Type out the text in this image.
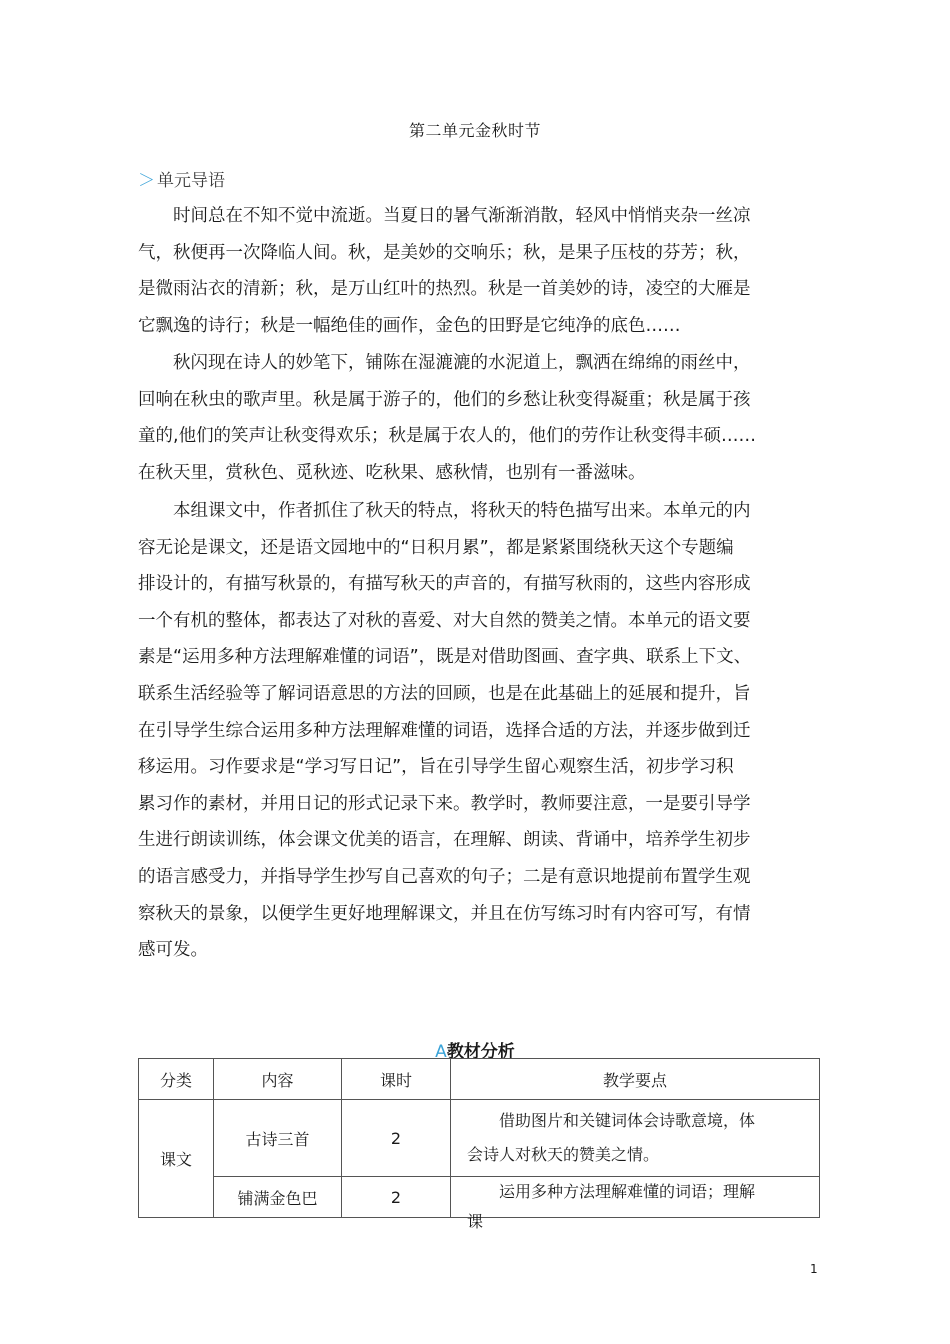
第二单元金秋时节
＞ 单元导语

时间总在不知不觉中流逝。当夏日的暑气渐渐消散，轻风中悄悄夹杂一丝凉
气，秋便再一次降临人间。秋，是美妙的交响乐；秋，是果子压枝的芬芳；秋，
是微雨沾衣的清新；秋，是万山红叶的热烈。秋是一首美妙的诗，凌空的大雁是
它飘逸的诗行；秋是一幅绝佳的画作，金色的田野是它纯净的底色……

秋闪现在诗人的妙笔下，铺陈在湿漉漉的水泥道上，飘洒在绵绵的雨丝中，
回响在秋虫的歌声里。秋是属于游子的，他们的乡愁让秋变得凝重；秋是属于孩
童的,他们的笑声让秋变得欢乐；秋是属于农人的，他们的劳作让秋变得丰硕……
在秋天里，赏秋色、觅秋迹、吃秋果、感秋情，也别有一番滋味。

本组课文中，作者抓住了秋天的特点，将秋天的特色描写出来。本单元的内
容无论是课文，还是语文园地中的“日积月累”，都是紧紧围绕秋天这个专题编
排设计的，有描写秋景的，有描写秋天的声音的，有描写秋雨的，这些内容形成
一个有机的整体，都表达了对秋的喜爱、对大自然的赞美之情。本单元的语文要
素是“运用多种方法理解难懂的词语”，既是对借助图画、查字典、联系上下文、
联系生活经验等了解词语意思的方法的回顾，也是在此基础上的延展和提升，旨
在引导学生综合运用多种方法理解难懂的词语，选择合适的方法，并逐步做到迁
移运用。习作要求是“学习写日记”，旨在引导学生留心观察生活，初步学习积
累习作的素材，并用日记的形式记录下来。教学时，教师要注意，一是要引导学
生进行朗读训练，体会课文优美的语言，在理解、朗读、背诵中，培养学生初步
的语言感受力，并指导学生抄写自己喜欢的句子；二是有意识地提前布置学生观
察秋天的景象，以便学生更好地理解课文，并且在仿写练习时有内容可写，有情
感可发。

A教材分析
分类	内容	课时	教学要点
课文	古诗三首	2	借助图片和关键词体会诗歌意境，体
会诗人对秋天的赞美之情。
	铺满金色巴	2	运用多种方法理解难懂的词语；理解
课
1
